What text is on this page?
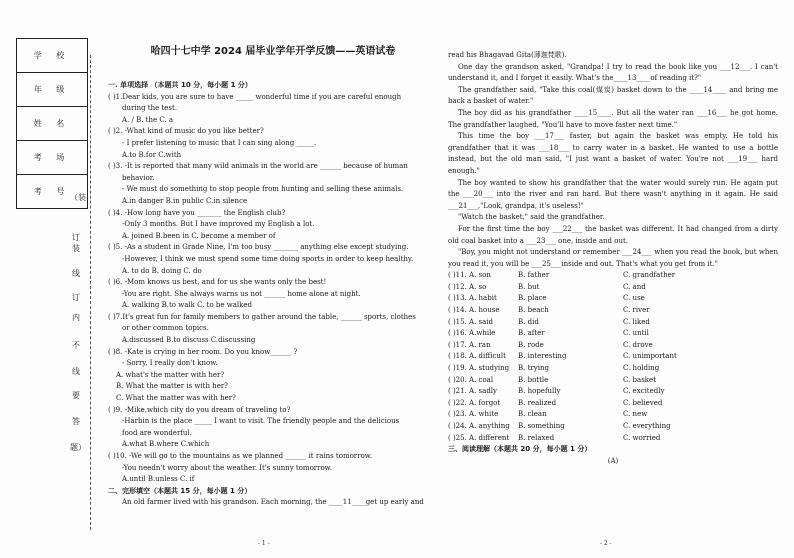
学 校
年 级
姓 名
考 场
考 号
（装
订装
线
订
内
不
线
要
答
题）
哈四十七中学 2024 届毕业学年开学反馈——英语试卷
一. 单项选择 （本题共 10 分，每小题 1 分）
( )1.Dear kids, you are sure to have _____ wonderful time if you are careful enough
during the test.
A. / B. the C. a
( )2. -What kind of music do you like better?
- I prefer listening to music that I can sing along _____.
A.to B.for C.with
( )3. -It is reported that many wild animals in the world are ______ because of human
behavior.
- We must do something to stop people from hunting and selling these animals.
A.in danger B.in public C.in silence
( )4. -How long have you _______ the English club?
-Only 3 months. But I have improved my English a lot.
A. joined B.been in C. become a member of
( )5. -As a student in Grade Nine, I'm too busy _______ anything else except studying.
-However, I think we must spend some time doing sports in order to keep healthy.
A. to do B. doing C. do
( )6. -Mom knows us best, and for us she wants only the best!
-You are right. She always warns us not ______ home alone at night.
A. walking B.to walk C. to be walked
( )7.It's great fun for family members to gather around the table, ______ sports, clothes
or other common topics.
A.discussed B.to discuss C.discussing
( )8. -Kate is crying in her room. Do you know______ ?
- Sorry, I really don't know.
A. what's the matter with her?
B. What the matter is with her?
C. What the matter was with her?
( )9. -Mike,which city do you dream of traveling to?
-Harbin is the place _____ I want to visit. The friendly people and the delicious
food are wonderful.
A.what B.where C.which
( )10. -We will go to the mountains as we planned ______ it rains tomorrow.
-You needn't worry about the weather. It's sunny tomorrow.
A.until B.unless C. if
二、完形填空（本题共 15 分，每小题 1 分）
An old farmer lived with his grandson. Each morning, the ____11____get up early and
read his Bhagavad Gita(薄迦梵歌).
One day the grandson asked, "Grandpa! I try to read the book like you ___12___. I can't understand it, and I forget it easily. What's the____13____of reading it?"
The grandfather said, "Take this coal(煤炭) basket down to the ____14____ and bring me back a basket of water."
The boy did as his grandfather ____15____. But all the water ran ___16___ he got home. The grandfather laughed, "You'll have to move faster next time."
This time the boy ___17___ faster, but again the basket was empty. He told his grandfather that it was ___18___ to carry water in a basket. He wanted to use a bottle instead, but the old man said, "I just want a basket of water. You're not ___19___ hard enough."
The boy wanted to show his grandfather that the water would surely run. He again put the ___20___ into the river and ran hard. But there wasn't anything in it again. He said ___21___,"Look, grandpa, it's useless!"
"Watch the basket," said the grandfather.
For the first time the boy ___22___ the basket was different. It had changed from a dirty old coal basket into a ___23___ one, inside and out.
"Boy, you might not understand or remember ___24___ when you read the book, but when you read it, you will be ___25___inside and out. That's what you get from it."
( )11. A. son	B. father	C. grandfather
( )12. A. so	B. but	C. and
( )13. A. habit	B. place	C. use
( )14. A. house	B. beach	C. river
( )15. A. said	B. did	C. liked
( )16. A.while	B. after	C. until
( )17. A. ran	B. rode	C. drove
( )18. A. difficult	B. interesting	C. unimportant
( )19. A. studying	B. trying	C. holding
( )20. A. coal	B. bottle	C. basket
( )21. A. sadly	B. hopefully	C. excitedly
( )22. A. forgot	B. realized	C. believed
( )23. A. white	B. clean	C. new
( )24. A. anything	B. something	C. everything
( )25. A. different	B. relaxed	C. worried
三、阅读理解（本题共 20 分，每小题 1 分）
(A)
- 1 -	- 2 -
